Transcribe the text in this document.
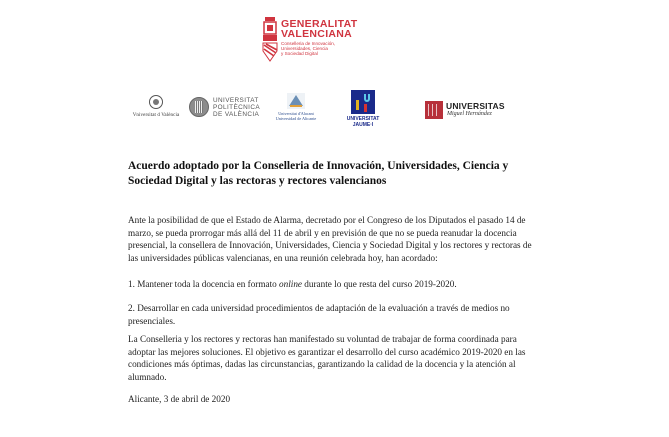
GENERALITAT
VALENCIANA
Conselleria de Innovación,
Universidades, Ciencia
y Sociedad Digital
Vniversitat d València
UNIVERSITAT
POLITÈCNICA
DE VALÈNCIA	Universitat d'Alacant
Universidad de Alicante	UNIVERSITAT
JAUME·I
UNIVERSITAS
Miguel Hernández
Acuerdo adoptado por la Conselleria de Innovación, Universidades, Ciencia y Sociedad Digital y las rectoras y rectores valencianos

Ante la posibilidad de que el Estado de Alarma, decretado por el Congreso de los Diputados el pasado 14 de marzo, se pueda prorrogar más allá del 11 de abril y en previsión de que no se pueda reanudar la docencia presencial, la consellera de Innovación, Universidades, Ciencia y Sociedad Digital y los rectores y rectoras de las universidades públicas valencianas, en una reunión celebrada hoy, han acordado:

1. Mantener toda la docencia en formato online durante lo que resta del curso 2019-2020.

2. Desarrollar en cada universidad procedimientos de adaptación de la evaluación a través de medios no presenciales.

La Conselleria y los rectores y rectoras han manifestado su voluntad de trabajar de forma coordinada para adoptar las mejores soluciones. El objetivo es garantizar el desarrollo del curso académico 2019-2020 en las condiciones más óptimas, dadas las circunstancias, garantizando la calidad de la docencia y la atención al alumnado.

Alicante, 3 de abril de 2020
